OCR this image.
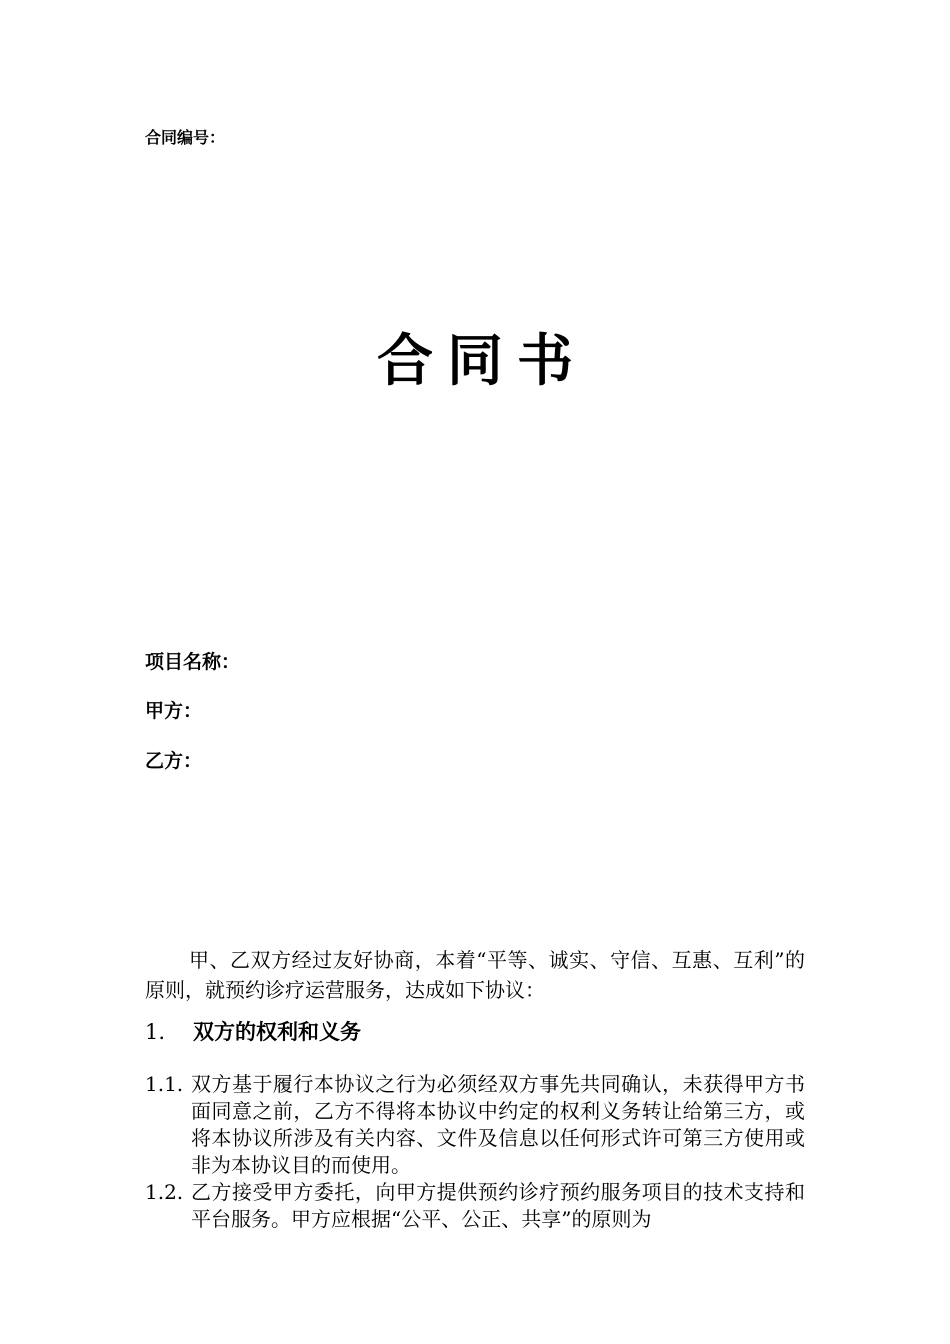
合同编号：
合同书
项目名称：
甲方：
乙方：

甲、乙双方经过友好协商，本着“平等、诚实、守信、互惠、互利”的原则，就预约诊疗运营服务，达成如下协议：

1. 双方的权利和义务
1.1. 双方基于履行本协议之行为必须经双方事先共同确认，未获得甲方书面同意之前，乙方不得将本协议中约定的权利义务转让给第三方，或将本协议所涉及有关内容、文件及信息以任何形式许可第三方使用或非为本协议目的而使用。
1.2. 乙方接受甲方委托，向甲方提供预约诊疗预约服务项目的技术支持和平台服务。甲方应根据“公平、公正、共享”的原则为
